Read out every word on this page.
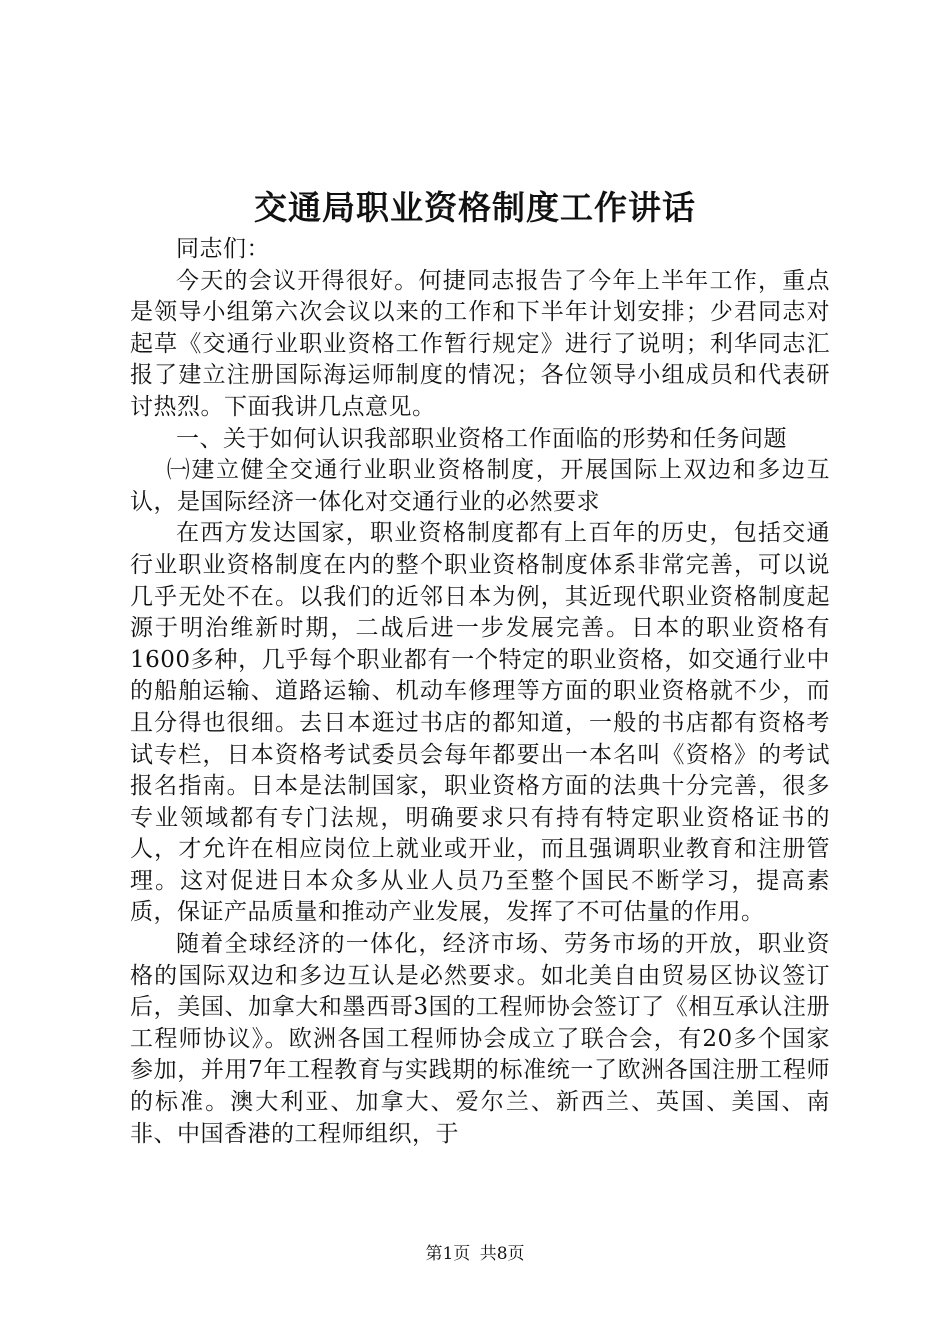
交通局职业资格制度工作讲话

同志们：

今天的会议开得很好。何捷同志报告了今年上半年工作，重点是领导小组第六次会议以来的工作和下半年计划安排；少君同志对起草《交通行业职业资格工作暂行规定》进行了说明；利华同志汇报了建立注册国际海运师制度的情况；各位领导小组成员和代表研讨热烈。下面我讲几点意见。

一、关于如何认识我部职业资格工作面临的形势和任务问题

㈠建立健全交通行业职业资格制度，开展国际上双边和多边互认，是国际经济一体化对交通行业的必然要求

在西方发达国家，职业资格制度都有上百年的历史，包括交通行业职业资格制度在内的整个职业资格制度体系非常完善，可以说几乎无处不在。以我们的近邻日本为例，其近现代职业资格制度起源于明治维新时期，二战后进一步发展完善。日本的职业资格有1600多种，几乎每个职业都有一个特定的职业资格，如交通行业中的船舶运输、道路运输、机动车修理等方面的职业资格就不少，而且分得也很细。去日本逛过书店的都知道，一般的书店都有资格考试专栏，日本资格考试委员会每年都要出一本名叫《资格》的考试报名指南。日本是法制国家，职业资格方面的法典十分完善，很多专业领域都有专门法规，明确要求只有持有特定职业资格证书的人，才允许在相应岗位上就业或开业，而且强调职业教育和注册管理。这对促进日本众多从业人员乃至整个国民不断学习，提高素质，保证产品质量和推动产业发展，发挥了不可估量的作用。

随着全球经济的一体化，经济市场、劳务市场的开放，职业资格的国际双边和多边互认是必然要求。如北美自由贸易区协议签订后，美国、加拿大和墨西哥3国的工程师协会签订了《相互承认注册工程师协议》。欧洲各国工程师协会成立了联合会，有20多个国家参加，并用7年工程教育与实践期的标准统一了欧洲各国注册工程师的标准。澳大利亚、加拿大、爱尔兰、新西兰、英国、美国、南非、中国香港的工程师组织，于

第1页 共8页
